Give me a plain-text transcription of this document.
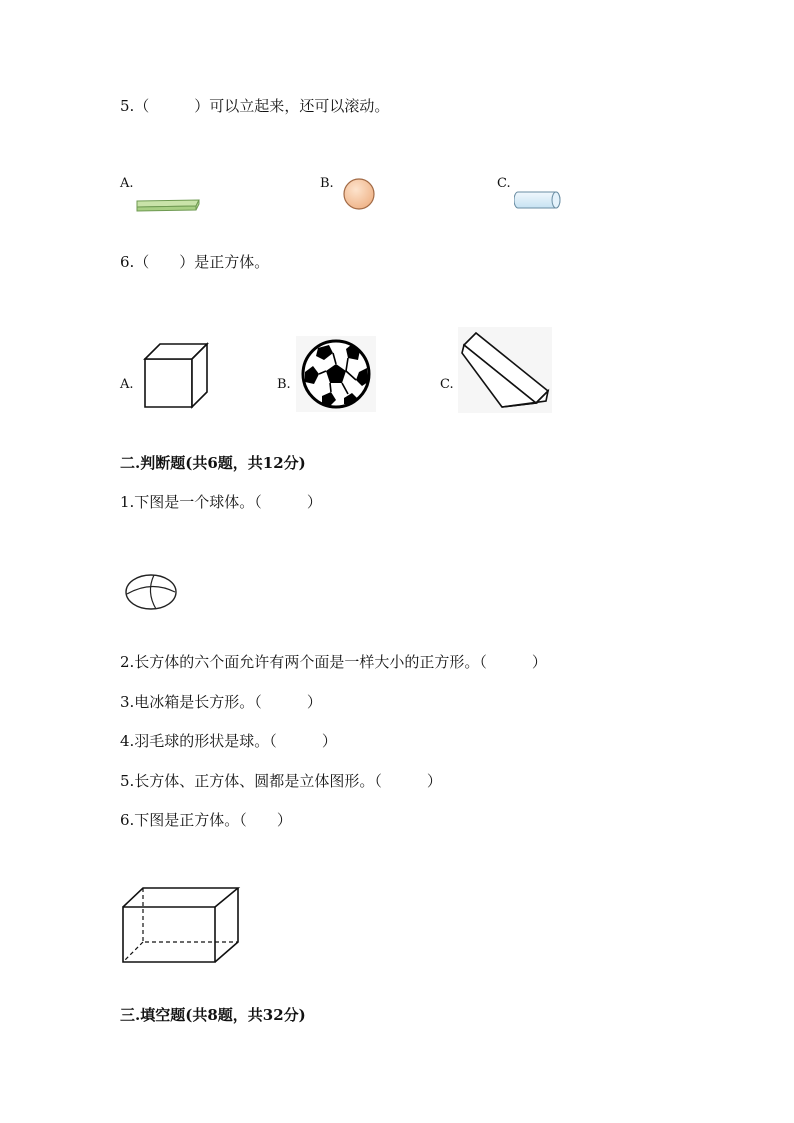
5.（　　　）可以立起来，还可以滚动。
A.	B.	C.
6.（　　）是正方体。
A.	B.	C.
二.判断题(共6题，共12分)
1.下图是一个球体。（　　　）
2.长方体的六个面允许有两个面是一样大小的正方形。（　　　）
3.电冰箱是长方形。（　　　）
4.羽毛球的形状是球。（　　　）
5.长方体、正方体、圆都是立体图形。（　　　）
6.下图是正方体。（　　）
三.填空题(共8题，共32分)
